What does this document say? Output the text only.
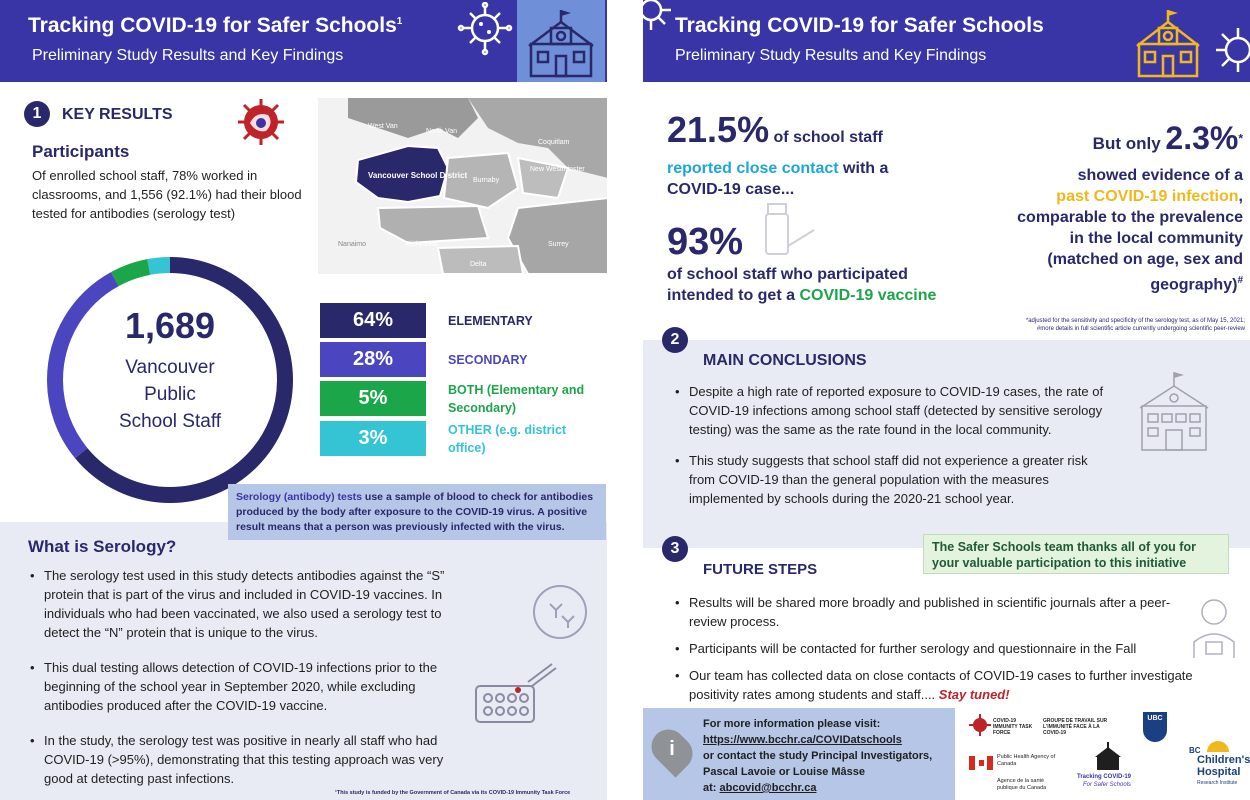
Tracking COVID-19 for Safer Schools$^1$
Preliminary Study Results and Key Findings
1	KEY RESULTS
Participants
Of enrolled school staff, 78% worked in classrooms, and 1,556 (92.1%) had their blood tested for antibodies (serology test)
West Van
North Van
Coquitlam
New Westminster
Burnaby
Richmond	Surrey
Delta
Nanaimo
Vancouver School District
1,689
Vancouver
Public
School Staff
64%	ELEMENTARY
28%	SECONDARY
5%	BOTH (Elementary and Secondary)
3%	OTHER (e.g. district office)
Serology (antibody) tests use a sample of blood to check for antibodies produced by the body after exposure to the COVID-19 virus. A positive result means that a person was previously infected with the virus.
What is Serology?
• The serology test used in this study detects antibodies against the “S” protein that is part of the virus and included in COVID-19 vaccines. In individuals who had been vaccinated, we also used a serology test to detect the “N” protein that is unique to the virus.
• This dual testing allows detection of COVID-19 infections prior to the beginning of the school year in September 2020, while excluding antibodies produced after the COVID-19 vaccine.
• In the study, the serology test was positive in nearly all staff who had COVID-19 (>95%), demonstrating that this testing approach was very good at detecting past infections.
¹This study is funded by the Government of Canada via its COVID-19 Immunity Task Force
Tracking COVID-19 for Safer Schools
Preliminary Study Results and Key Findings
21.5% of school staff
reported close contact with a
COVID-19 case...
93%
of school staff who participated
intended to get a COVID-19 vaccine
But only 2.3%*
showed evidence of a
past COVID-19 infection,
comparable to the prevalence
in the local community
(matched on age, sex and
geography)#
*adjusted for the sensitivity and specificity of the serology test, as of May 15, 2021;
#more details in full scientific article currently undergoing scientific peer-review
2
MAIN CONCLUSIONS
• Despite a high rate of reported exposure to COVID-19 cases, the rate of COVID-19 infections among school staff (detected by sensitive serology testing) was the same as the rate found in the local community.
• This study suggests that school staff did not experience a greater risk from COVID-19 than the general population with the measures implemented by schools during the 2020-21 school year.
The Safer Schools team thanks all of you for
your valuable participation to this initiative
3
FUTURE STEPS
• Results will be shared more broadly and published in scientific journals after a peer-review process.
• Participants will be contacted for further serology and questionnaire in the Fall
• Our team has collected data on close contacts of COVID-19 cases to further investigate positivity rates among students and staff.... Stay tuned!
i
For more information please visit:
https://www.bcchr.ca/COVIDatschools
or contact the study Principal Investigators,
Pascal Lavoie or Louise Mâsse
at: abcovid@bcchr.ca
COVID-19 IMMUNITY TASK FORCE
GROUPE DE TRAVAIL SUR L'IMMUNITÉ FACE À LA COVID-19
UBC
Public Health Agency of Canada
Agence de la santé publique du Canada
Tracking COVID-19
For Safer Schools
BC
Children's
Hospital
Research Institute
